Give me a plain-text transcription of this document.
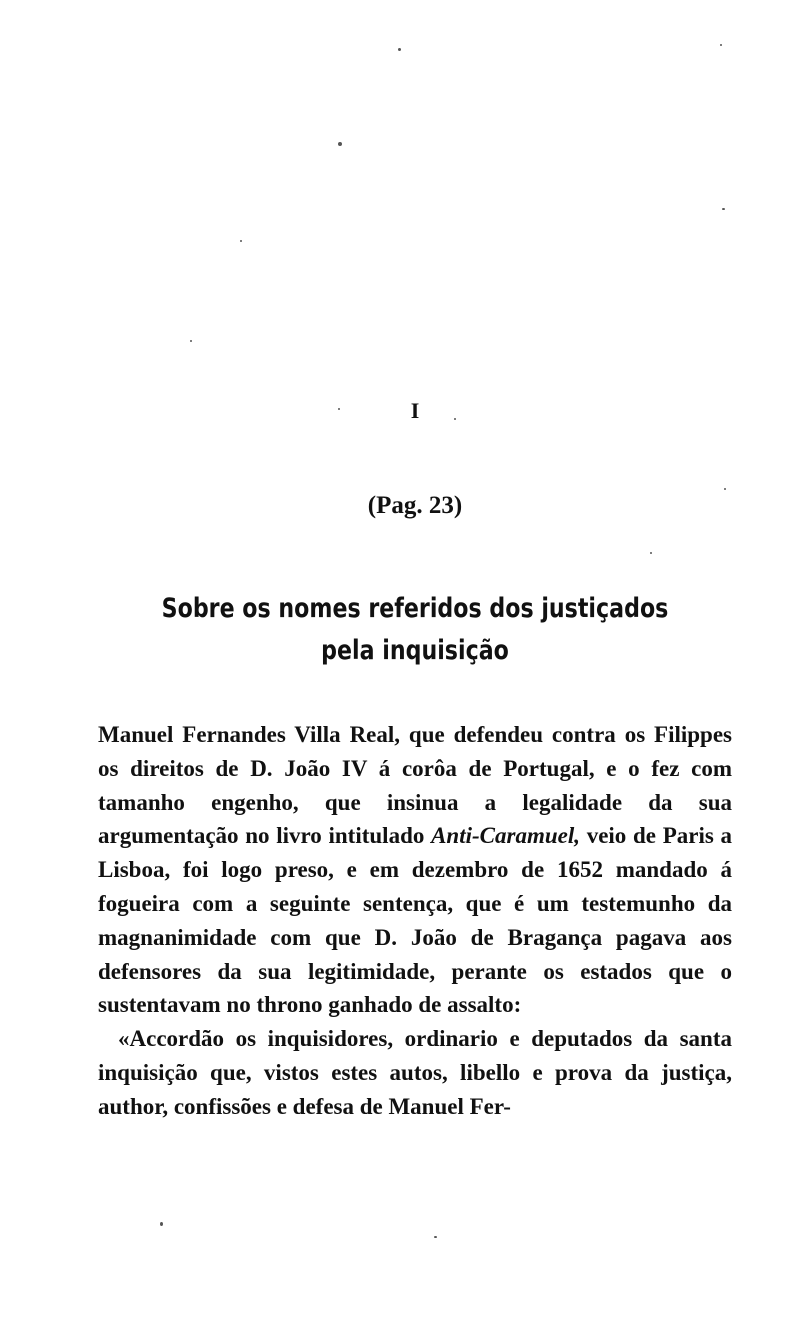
I
(Pag. 23)
Sobre os nomes referidos dos justiçados
pela inquisição

Manuel Fernandes Villa Real, que defendeu contra os Filippes os direitos de D. João IV á corôa de Portugal, e o fez com tamanho engenho, que insinua a legalidade da sua argumentação no livro intitulado Anti-Caramuel, veio de Paris a Lisboa, foi logo preso, e em dezembro de 1652 mandado á fogueira com a seguinte sentença, que é um testemunho da magnanimidade com que D. João de Bragança pagava aos defensores da sua legitimidade, perante os estados que o sustentavam no throno ganhado de assalto:

«Accordão os inquisidores, ordinario e deputados da santa inquisição que, vistos estes autos, libello e prova da justiça, author, confissões e defesa de Manuel Fer-
